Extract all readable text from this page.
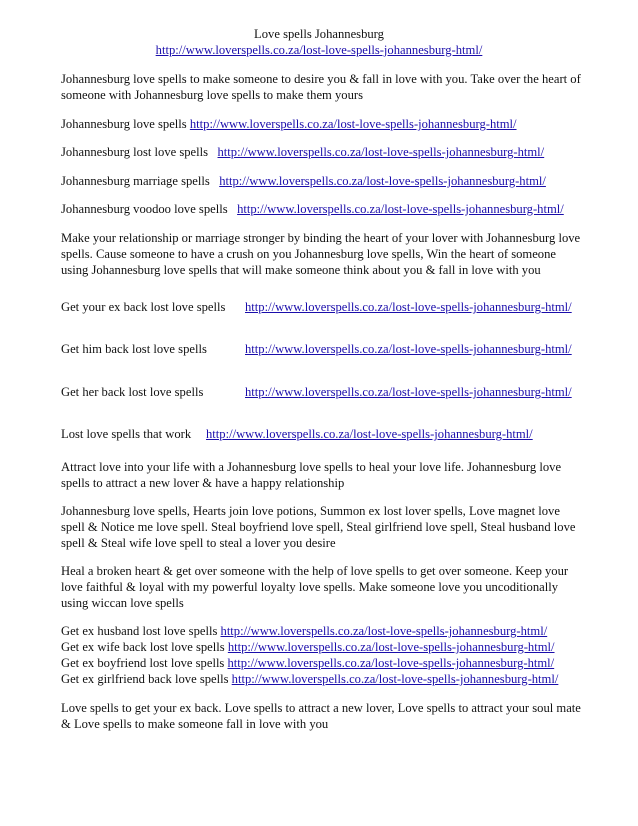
Love spells Johannesburg
http://www.loverspells.co.za/lost-love-spells-johannesburg-html/
Johannesburg love spells to make someone to desire you & fall in love with you. Take over the heart of
someone with Johannesburg love spells to make them yours
Johannesburg love spells http://www.loverspells.co.za/lost-love-spells-johannesburg-html/
Johannesburg lost love spells http://www.loverspells.co.za/lost-love-spells-johannesburg-html/
Johannesburg marriage spells http://www.loverspells.co.za/lost-love-spells-johannesburg-html/
Johannesburg voodoo love spells http://www.loverspells.co.za/lost-love-spells-johannesburg-html/
Make your relationship or marriage stronger by binding the heart of your lover with Johannesburg love
spells. Cause someone to have a crush on you Johannesburg love spells, Win the heart of someone
using Johannesburg love spells that will make someone think about you & fall in love with you
Get your ex back lost love spells http://www.loverspells.co.za/lost-love-spells-johannesburg-html/
Get him back lost love spells	http://www.loverspells.co.za/lost-love-spells-johannesburg-html/
Get her back lost love spells	http://www.loverspells.co.za/lost-love-spells-johannesburg-html/
Lost love spells that work http://www.loverspells.co.za/lost-love-spells-johannesburg-html/
Attract love into your life with a Johannesburg love spells to heal your love life. Johannesburg love
spells to attract a new lover & have a happy relationship
Johannesburg love spells, Hearts join love potions, Summon ex lost lover spells, Love magnet love
spell & Notice me love spell. Steal boyfriend love spell, Steal girlfriend love spell, Steal husband love
spell & Steal wife love spell to steal a lover you desire
Heal a broken heart & get over someone with the help of love spells to get over someone. Keep your
love faithful & loyal with my powerful loyalty love spells. Make someone love you uncoditionally
using wiccan love spells
Get ex husband lost love spells http://www.loverspells.co.za/lost-love-spells-johannesburg-html/
Get ex wife back lost love spells http://www.loverspells.co.za/lost-love-spells-johannesburg-html/
Get ex boyfriend lost love spells http://www.loverspells.co.za/lost-love-spells-johannesburg-html/
Get ex girlfriend back love spells http://www.loverspells.co.za/lost-love-spells-johannesburg-html/
Love spells to get your ex back. Love spells to attract a new lover, Love spells to attract your soul mate
& Love spells to make someone fall in love with you
